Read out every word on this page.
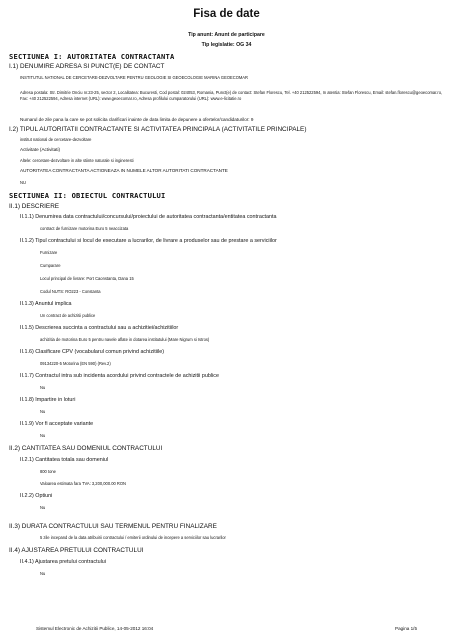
Fisa de date
Tip anunt: Anunt de participare
Tip legislatie: OG 34
SECTIUNEA I: AUTORITATEA CONTRACTANTA
I.1) DENUMIRE ADRESA SI PUNCT(E) DE CONTACT
INSTITUTUL NATIONAL DE CERCETARE-DEZVOLTARE PENTRU GEOLOGIE SI GEOECOLOGIE MARINA GEOECOMAR
Adresa postala: Str. Dimitrie Onciu nr.23-25, sector 2, Localitatea: Bucuresti, Cod postal: 024053, Romania, Punct(e) de contact: Stefan Florescu, Tel. +40 212522594, In atentia: Stefan Florescu, Email: stefan.florescu@geoecomar.ro, Fax: +40 212522594, Adresa internet (URL): www.geoecomar.ro, Adresa profilului cumparatorului (URL): www.e-licitatie.ro
Numarul de zile pana la care se pot solicita clarificari inainte de data limita de depunere a ofertelor/candidaturilor: 9
I.2) TIPUL AUTORITATII CONTRACTANTE SI ACTIVITATEA PRINCIPALA (ACTIVITATILE PRINCIPALE)
institut national de cercetare-dezvoltare
Activitate (Activitati)
Altele: cercetare-dezvoltare in alte stiinte naturale si ingineresti
AUTORITATEA CONTRACTANTA ACTIONEAZA IN NUMELE ALTOR AUTORITATI CONTRACTANTE
NU
SECTIUNEA II: OBIECTUL CONTRACTULUI
II.1) DESCRIERE
II.1.1) Denumirea data contractului/concursului/proiectului de autoritatea contractanta/entitatea contractanta
contract de furnizare motorina Euro 5 neaccizata
II.1.2) Tipul contractului si locul de executare a lucrarilor, de livrare a produselor sau de prestare a serviciilor
Furnizare
Cumparare
Locul principal de livrare: Port Caonstanta, Dana 15
Codul NUTS: RO223 - Constanta
II.1.3) Anuntul implica
Un contract de achizitii publice
II.1.5) Descrierea succinta a contractului sau a achizitiei/achizitiilor
achizitia de motorina Euro 5 pentru navele aflate in dotarea institutului (Mare Nigrum si Istros)
II.1.6) Clasificare CPV (vocabularul comun privind achizitiile)
09134220-5 Motorina (EN 590) (Rev.2)
II.1.7) Contractul intra sub incidenta acordului privind contractele de achizitii publice
Nu
II.1.8) Impartire in loturi
Nu
II.1.9) Vor fi acceptate variante
Nu
II.2) CANTITATEA SAU DOMENIUL CONTRACTULUI
II.2.1) Cantitatea totala sau domeniul
800 tone
Valoarea estimata fara TVA: 3,200,000.00 RON
II.2.2) Optiuni
Nu
II.3) DURATA CONTRACTULUI SAU TERMENUL PENTRU FINALIZARE
5 zile incepand de la data atribuirii contractului / emiterii ordinului de incepere a serviciilor sau lucrarilor
II.4) AJUSTAREA PRETULUI CONTRACTULUI
II.4.1) Ajustarea pretului contractului
Nu
Sistemul Electronic de Achizitii Publice, 14-05-2012 16:04	Pagina 1/5
